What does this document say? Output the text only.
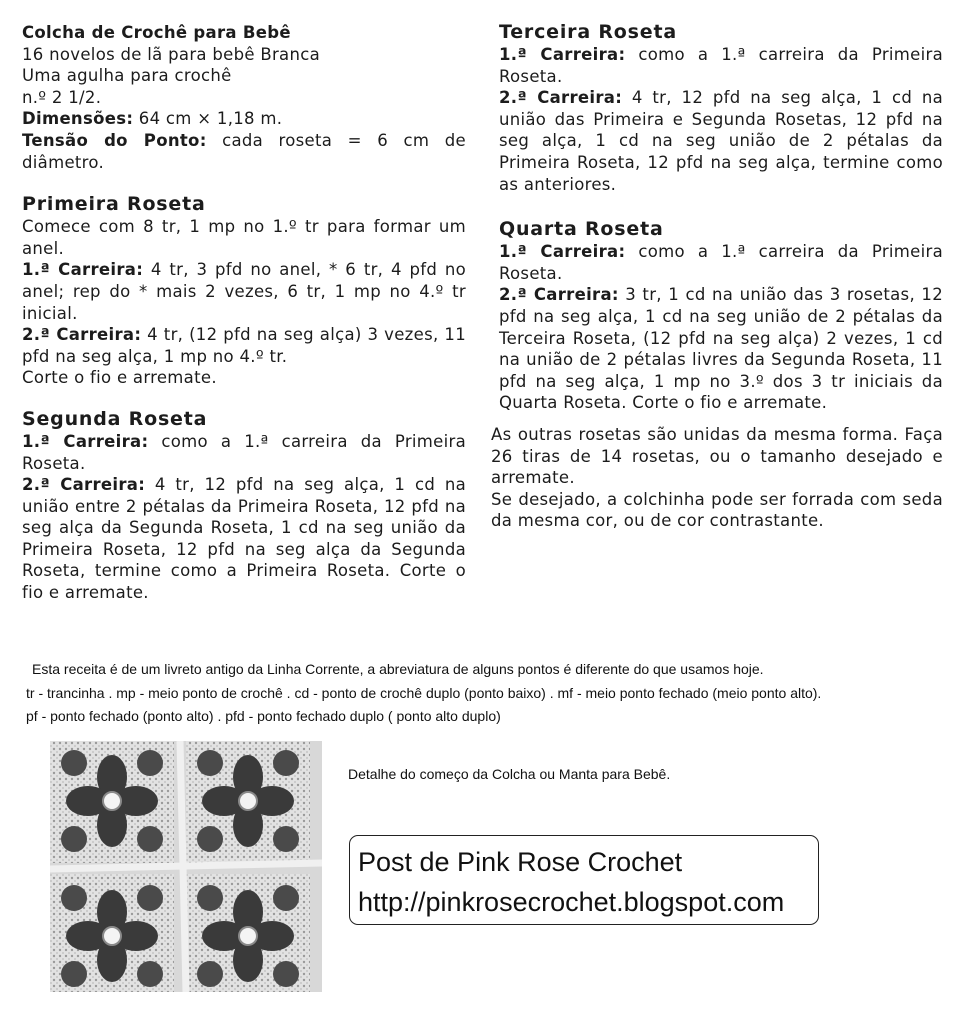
Colcha de Crochê para Bebê

16 novelos de lã para bebê Branca

Uma agulha para crochê

n.º 2 1/2.

Dimensões: 64 cm × 1,18 m.

Tensão do Ponto: cada roseta = 6 cm de diâmetro.

Primeira Roseta

Comece com 8 tr, 1 mp no 1.º tr para formar um anel.

1.ª Carreira: 4 tr, 3 pfd no anel, * 6 tr, 4 pfd no anel; rep do * mais 2 vezes, 6 tr, 1 mp no 4.º tr inicial.

2.ª Carreira: 4 tr, (12 pfd na seg alça) 3 vezes, 11 pfd na seg alça, 1 mp no 4.º tr.

Corte o fio e arremate.

Segunda Roseta

1.ª Carreira: como a 1.ª carreira da Primeira Roseta.

2.ª Carreira: 4 tr, 12 pfd na seg alça, 1 cd na união entre 2 pétalas da Primeira Roseta, 12 pfd na seg alça da Segunda Roseta, 1 cd na seg união da Primeira Roseta, 12 pfd na seg alça da Segunda Roseta, termine como a Primeira Roseta. Corte o fio e arremate.

Terceira Roseta

1.ª Carreira: como a 1.ª carreira da Primeira Roseta.

2.ª Carreira: 4 tr, 12 pfd na seg alça, 1 cd na união das Primeira e Segunda Rosetas, 12 pfd na seg alça, 1 cd na seg união de 2 pétalas da Primeira Roseta, 12 pfd na seg alça, termine como as anteriores.

Quarta Roseta

1.ª Carreira: como a 1.ª carreira da Primeira Roseta.

2.ª Carreira: 3 tr, 1 cd na união das 3 rosetas, 12 pfd na seg alça, 1 cd na seg união de 2 pétalas da Terceira Roseta, (12 pfd na seg alça) 2 vezes, 1 cd na união de 2 pétalas livres da Segunda Roseta, 11 pfd na seg alça, 1 mp no 3.º dos 3 tr iniciais da Quarta Roseta. Corte o fio e arremate.

As outras rosetas são unidas da mesma forma. Faça 26 tiras de 14 rosetas, ou o tamanho desejado e arremate.

Se desejado, a colchinha pode ser forrada com seda da mesma cor, ou de cor contrastante.

Esta receita é de um livreto antigo da Linha Corrente, a abreviatura de alguns pontos é diferente do que usamos hoje.
tr - trancinha . mp - meio ponto de crochê . cd - ponto de crochê duplo (ponto baixo) . mf - meio ponto fechado (meio ponto alto).
pf - ponto fechado (ponto alto) . pfd - ponto fechado duplo ( ponto alto duplo)
Detalhe do começo da Colcha ou Manta para Bebê.
Post de Pink Rose Crochet
http://pinkrosecrochet.blogspot.com
